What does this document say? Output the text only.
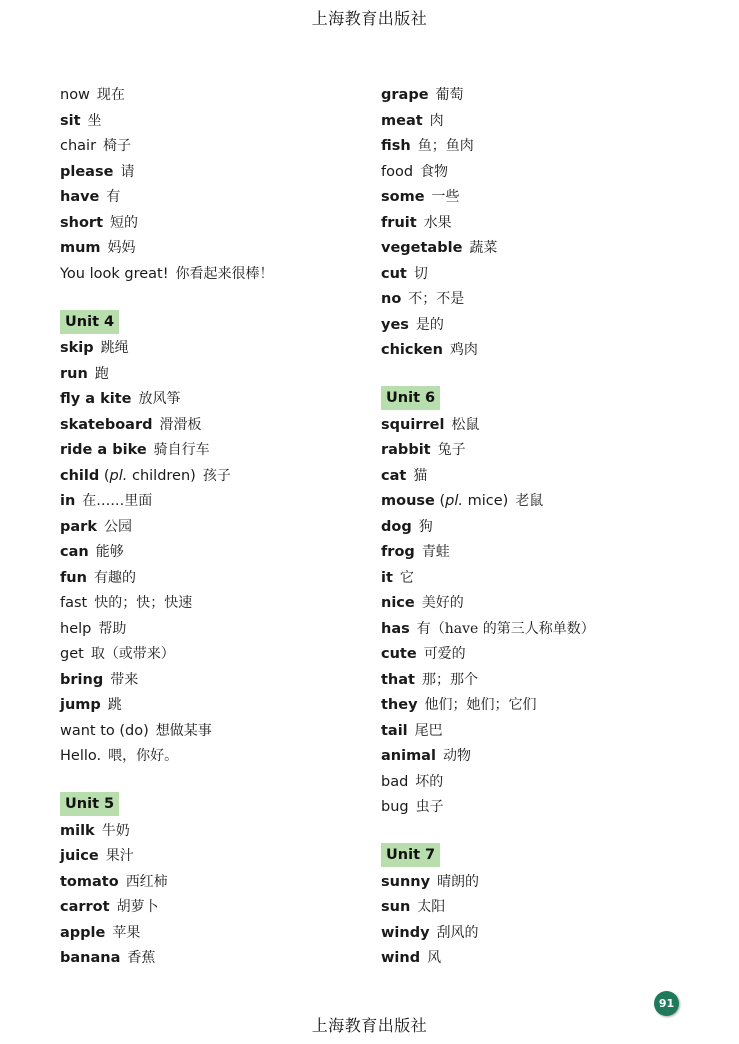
上海教育出版社
now 现在
sit 坐
chair 椅子
please 请
have 有
short 短的
mum 妈妈
You look great! 你看起来很棒！
Unit 4
skip 跳绳
run 跑
fly a kite 放风筝
skateboard 滑滑板
ride a bike 骑自行车
child (pl. children) 孩子
in 在……里面
park 公园
can 能够
fun 有趣的
fast 快的；快；快速
help 帮助
get 取（或带来）
bring 带来
jump 跳
want to (do) 想做某事
Hello. 喂，你好。
Unit 5
milk 牛奶
juice 果汁
tomato 西红柿
carrot 胡萝卜
apple 苹果
banana 香蕉
grape 葡萄
meat 肉
fish 鱼；鱼肉
food 食物
some 一些
fruit 水果
vegetable 蔬菜
cut 切
no 不；不是
yes 是的
chicken 鸡肉
Unit 6
squirrel 松鼠
rabbit 兔子
cat 猫
mouse (pl. mice) 老鼠
dog 狗
frog 青蛙
it 它
nice 美好的
has 有（have 的第三人称单数）
cute 可爱的
that 那；那个
they 他们；她们；它们
tail 尾巴
animal 动物
bad 坏的
bug 虫子
Unit 7
sunny 晴朗的
sun 太阳
windy 刮风的
wind 风
91
上海教育出版社
